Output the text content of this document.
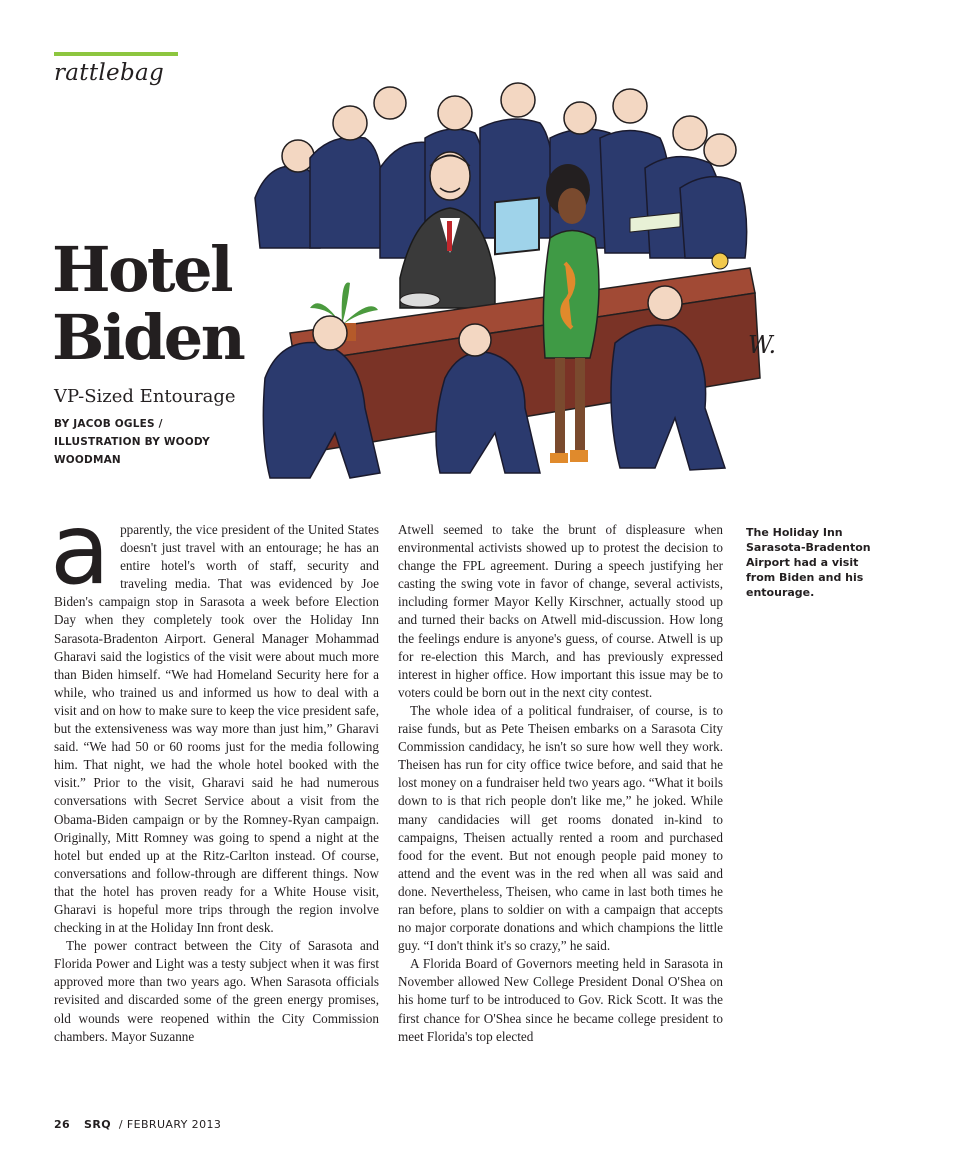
rattlebag
W.
Hotel
Biden
VP-Sized Entourage
BY JACOB OGLES /
ILLUSTRATION BY WOODY
WOODMAN
a pparently, the vice president of the United States doesn't just travel with an entourage; he has an entire hotel's worth of staff, security and traveling media. That was evidenced by Joe Biden's campaign stop in Sarasota a week before Election Day when they completely took over the Holiday Inn Sarasota-Bradenton Airport. General Manager Mohammad Gharavi said the logistics of the visit were about much more than Biden himself. “We had Homeland Security here for a while, who trained us and informed us how to deal with a visit and on how to make sure to keep the vice president safe, but the extensiveness was way more than just him,” Gharavi said. “We had 50 or 60 rooms just for the media following him. That night, we had the whole hotel booked with the visit.” Prior to the visit, Gharavi said he had numerous conversations with Secret Service about a visit from the Obama-Biden campaign or by the Romney-Ryan campaign. Originally, Mitt Romney was going to spend a night at the hotel but ended up at the Ritz-Carlton instead. Of course, conversations and follow-through are different things. Now that the hotel has proven ready for a White House visit, Gharavi is hopeful more trips through the region involve checking in at the Holiday Inn front desk.

The power contract between the City of Sarasota and Florida Power and Light was a testy subject when it was first approved more than two years ago. When Sarasota officials revisited and discarded some of the green energy promises, old wounds were reopened within the City Commission chambers. Mayor Suzanne

Atwell seemed to take the brunt of displeasure when environmental activists showed up to protest the decision to change the FPL agreement. During a speech justifying her casting the swing vote in favor of change, several activists, including former Mayor Kelly Kirschner, actually stood up and turned their backs on Atwell mid-discussion. How long the feelings endure is anyone's guess, of course. Atwell is up for re-election this March, and has previously expressed interest in higher office. How important this issue may be to voters could be born out in the next city contest.

The whole idea of a political fundraiser, of course, is to raise funds, but as Pete Theisen embarks on a Sarasota City Commission candidacy, he isn't so sure how well they work. Theisen has run for city office twice before, and said that he lost money on a fundraiser held two years ago. “What it boils down to is that rich people don't like me,” he joked. While many candidacies will get rooms donated in-kind to campaigns, Theisen actually rented a room and purchased food for the event. But not enough people paid money to attend and the event was in the red when all was said and done. Nevertheless, Theisen, who came in last both times he ran before, plans to soldier on with a campaign that accepts no major corporate donations and which champions the little guy. “I don't think it's so crazy,” he said.

A Florida Board of Governors meeting held in Sarasota in November allowed New College President Donal O'Shea on his home turf to be introduced to Gov. Rick Scott. It was the first chance for O'Shea since he became college president to meet Florida's top elected

The Holiday Inn Sarasota-Bradenton Airport had a visit from Biden and his entourage.
26 SRQ / FEBRUARY 2013
